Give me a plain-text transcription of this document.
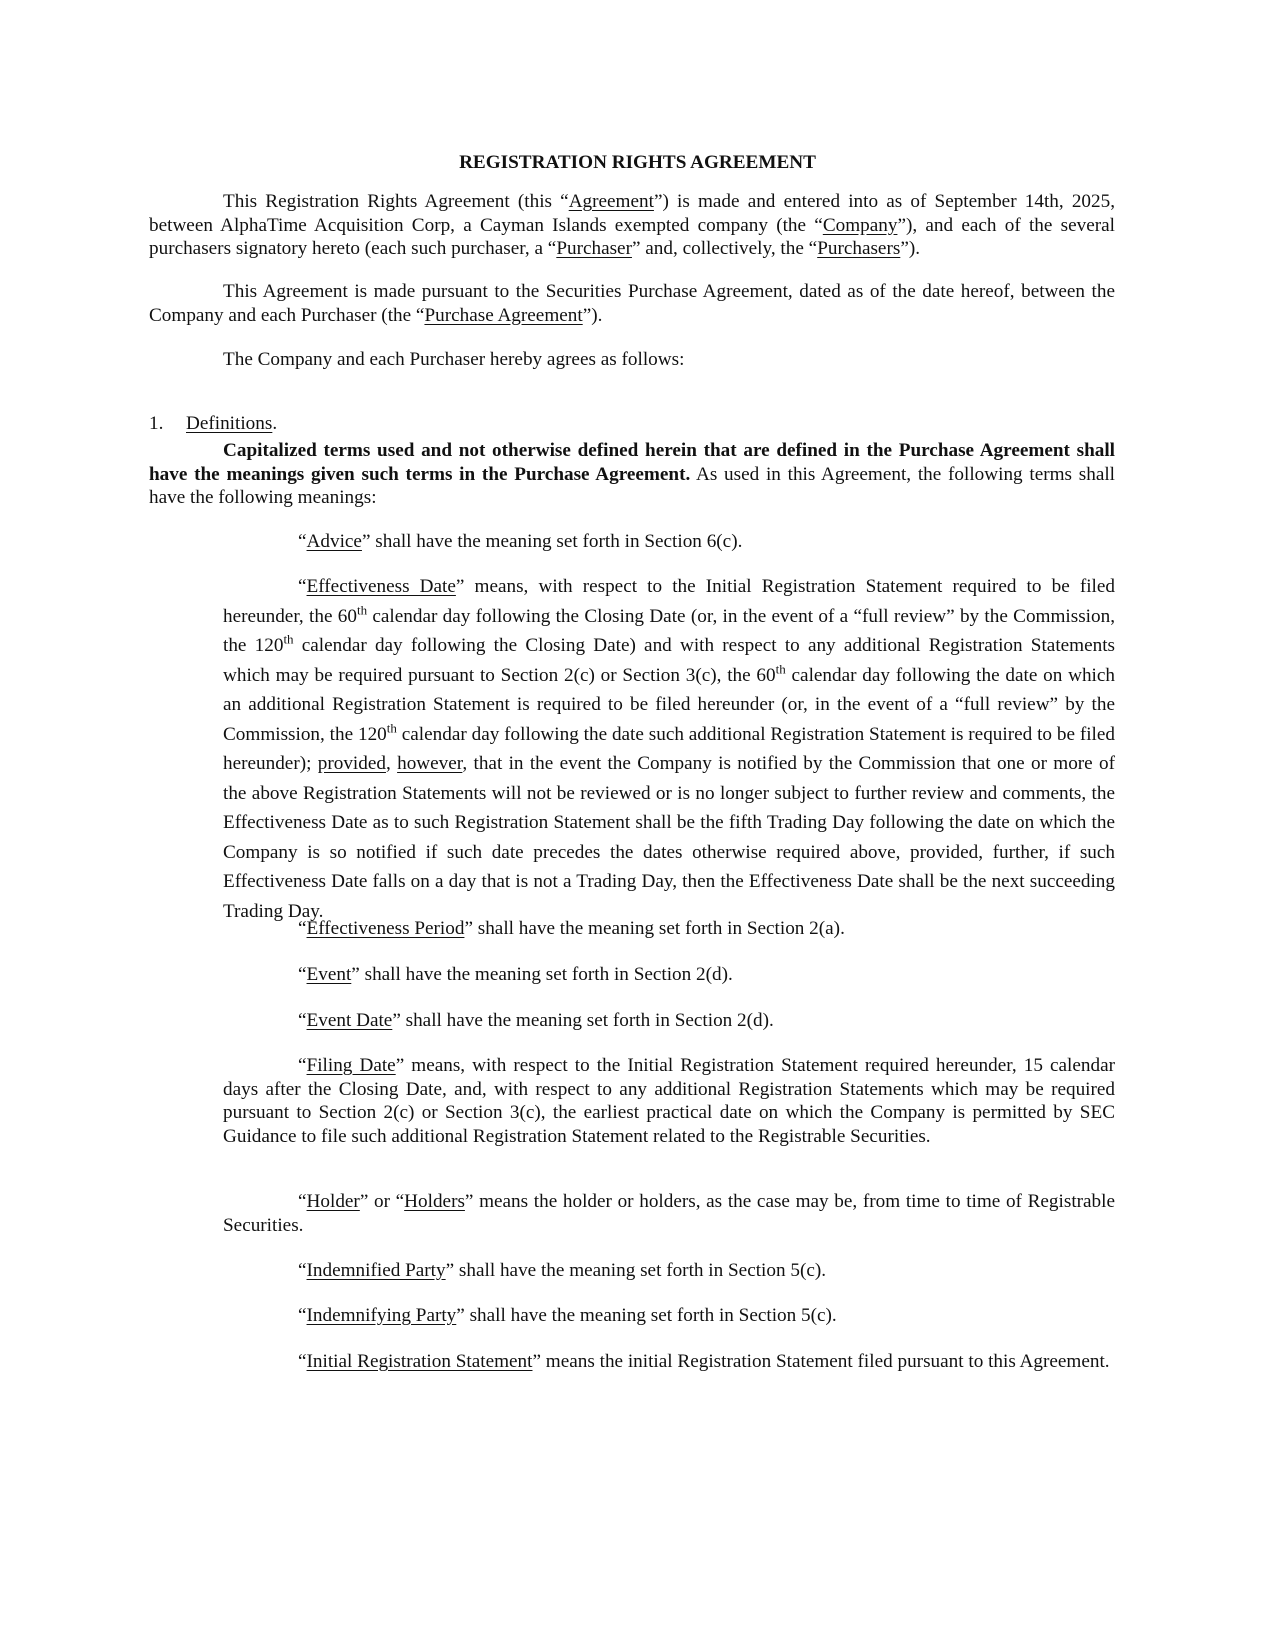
REGISTRATION RIGHTS AGREEMENT

This Registration Rights Agreement (this “Agreement”) is made and entered into as of September 14th, 2025, between AlphaTime Acquisition Corp, a Cayman Islands exempted company (the “Company”), and each of the several purchasers signatory hereto (each such purchaser, a “Purchaser” and, collectively, the “Purchasers”).

This Agreement is made pursuant to the Securities Purchase Agreement, dated as of the date hereof, between the Company and each Purchaser (the “Purchase Agreement”).

The Company and each Purchaser hereby agrees as follows:

1. Definitions.

Capitalized terms used and not otherwise defined herein that are defined in the Purchase Agreement shall have the meanings given such terms in the Purchase Agreement. As used in this Agreement, the following terms shall have the following meanings:

“Advice” shall have the meaning set forth in Section 6(c).

“Effectiveness Date” means, with respect to the Initial Registration Statement required to be filed hereunder, the 60th calendar day following the Closing Date (or, in the event of a “full review” by the Commission, the 120th calendar day following the Closing Date) and with respect to any additional Registration Statements which may be required pursuant to Section 2(c) or Section 3(c), the 60th calendar day following the date on which an additional Registration Statement is required to be filed hereunder (or, in the event of a “full review” by the Commission, the 120th calendar day following the date such additional Registration Statement is required to be filed hereunder); provided, however, that in the event the Company is notified by the Commission that one or more of the above Registration Statements will not be reviewed or is no longer subject to further review and comments, the Effectiveness Date as to such Registration Statement shall be the fifth Trading Day following the date on which the Company is so notified if such date precedes the dates otherwise required above, provided, further, if such Effectiveness Date falls on a day that is not a Trading Day, then the Effectiveness Date shall be the next succeeding Trading Day.

“Effectiveness Period” shall have the meaning set forth in Section 2(a).

“Event” shall have the meaning set forth in Section 2(d).

“Event Date” shall have the meaning set forth in Section 2(d).

“Filing Date” means, with respect to the Initial Registration Statement required hereunder, 15 calendar days after the Closing Date, and, with respect to any additional Registration Statements which may be required pursuant to Section 2(c) or Section 3(c), the earliest practical date on which the Company is permitted by SEC Guidance to file such additional Registration Statement related to the Registrable Securities.

“Holder” or “Holders” means the holder or holders, as the case may be, from time to time of Registrable Securities.

“Indemnified Party” shall have the meaning set forth in Section 5(c).

“Indemnifying Party” shall have the meaning set forth in Section 5(c).

“Initial Registration Statement” means the initial Registration Statement filed pursuant to this Agreement.
